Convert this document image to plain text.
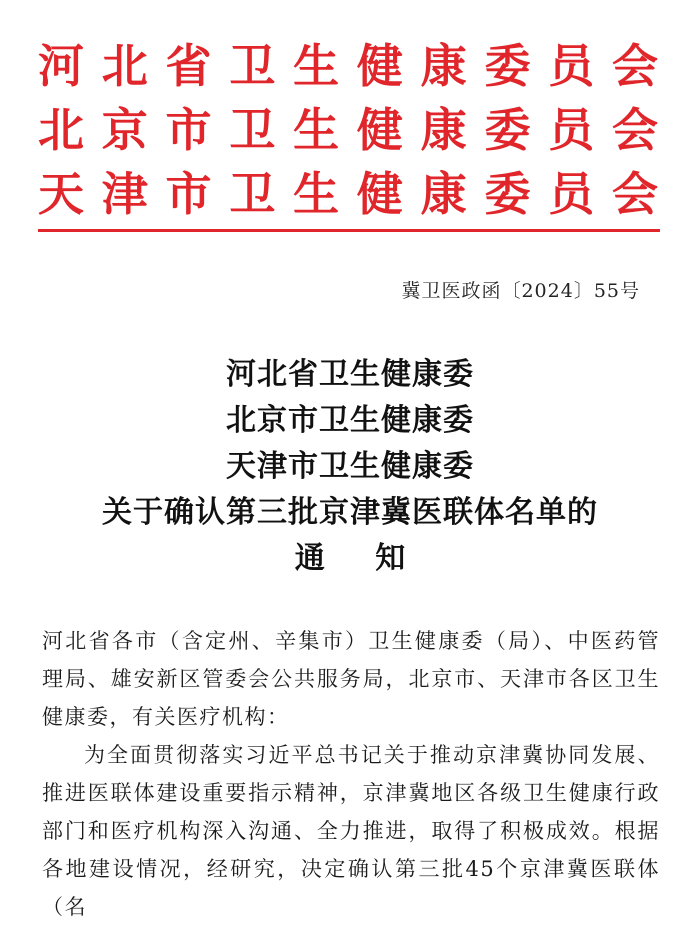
河北省卫生健康委员会
北京市卫生健康委员会
天津市卫生健康委员会
冀卫医政函〔2024〕55号
河北省卫生健康委
北京市卫生健康委
天津市卫生健康委
关于确认第三批京津冀医联体名单的
通 知

河北省各市（含定州、辛集市）卫生健康委（局）、中医药管理局、雄安新区管委会公共服务局，北京市、天津市各区卫生健康委，有关医疗机构：

为全面贯彻落实习近平总书记关于推动京津冀协同发展、推进医联体建设重要指示精神，京津冀地区各级卫生健康行政部门和医疗机构深入沟通、全力推进，取得了积极成效。根据各地建设情况，经研究，决定确认第三批45个京津冀医联体（名
